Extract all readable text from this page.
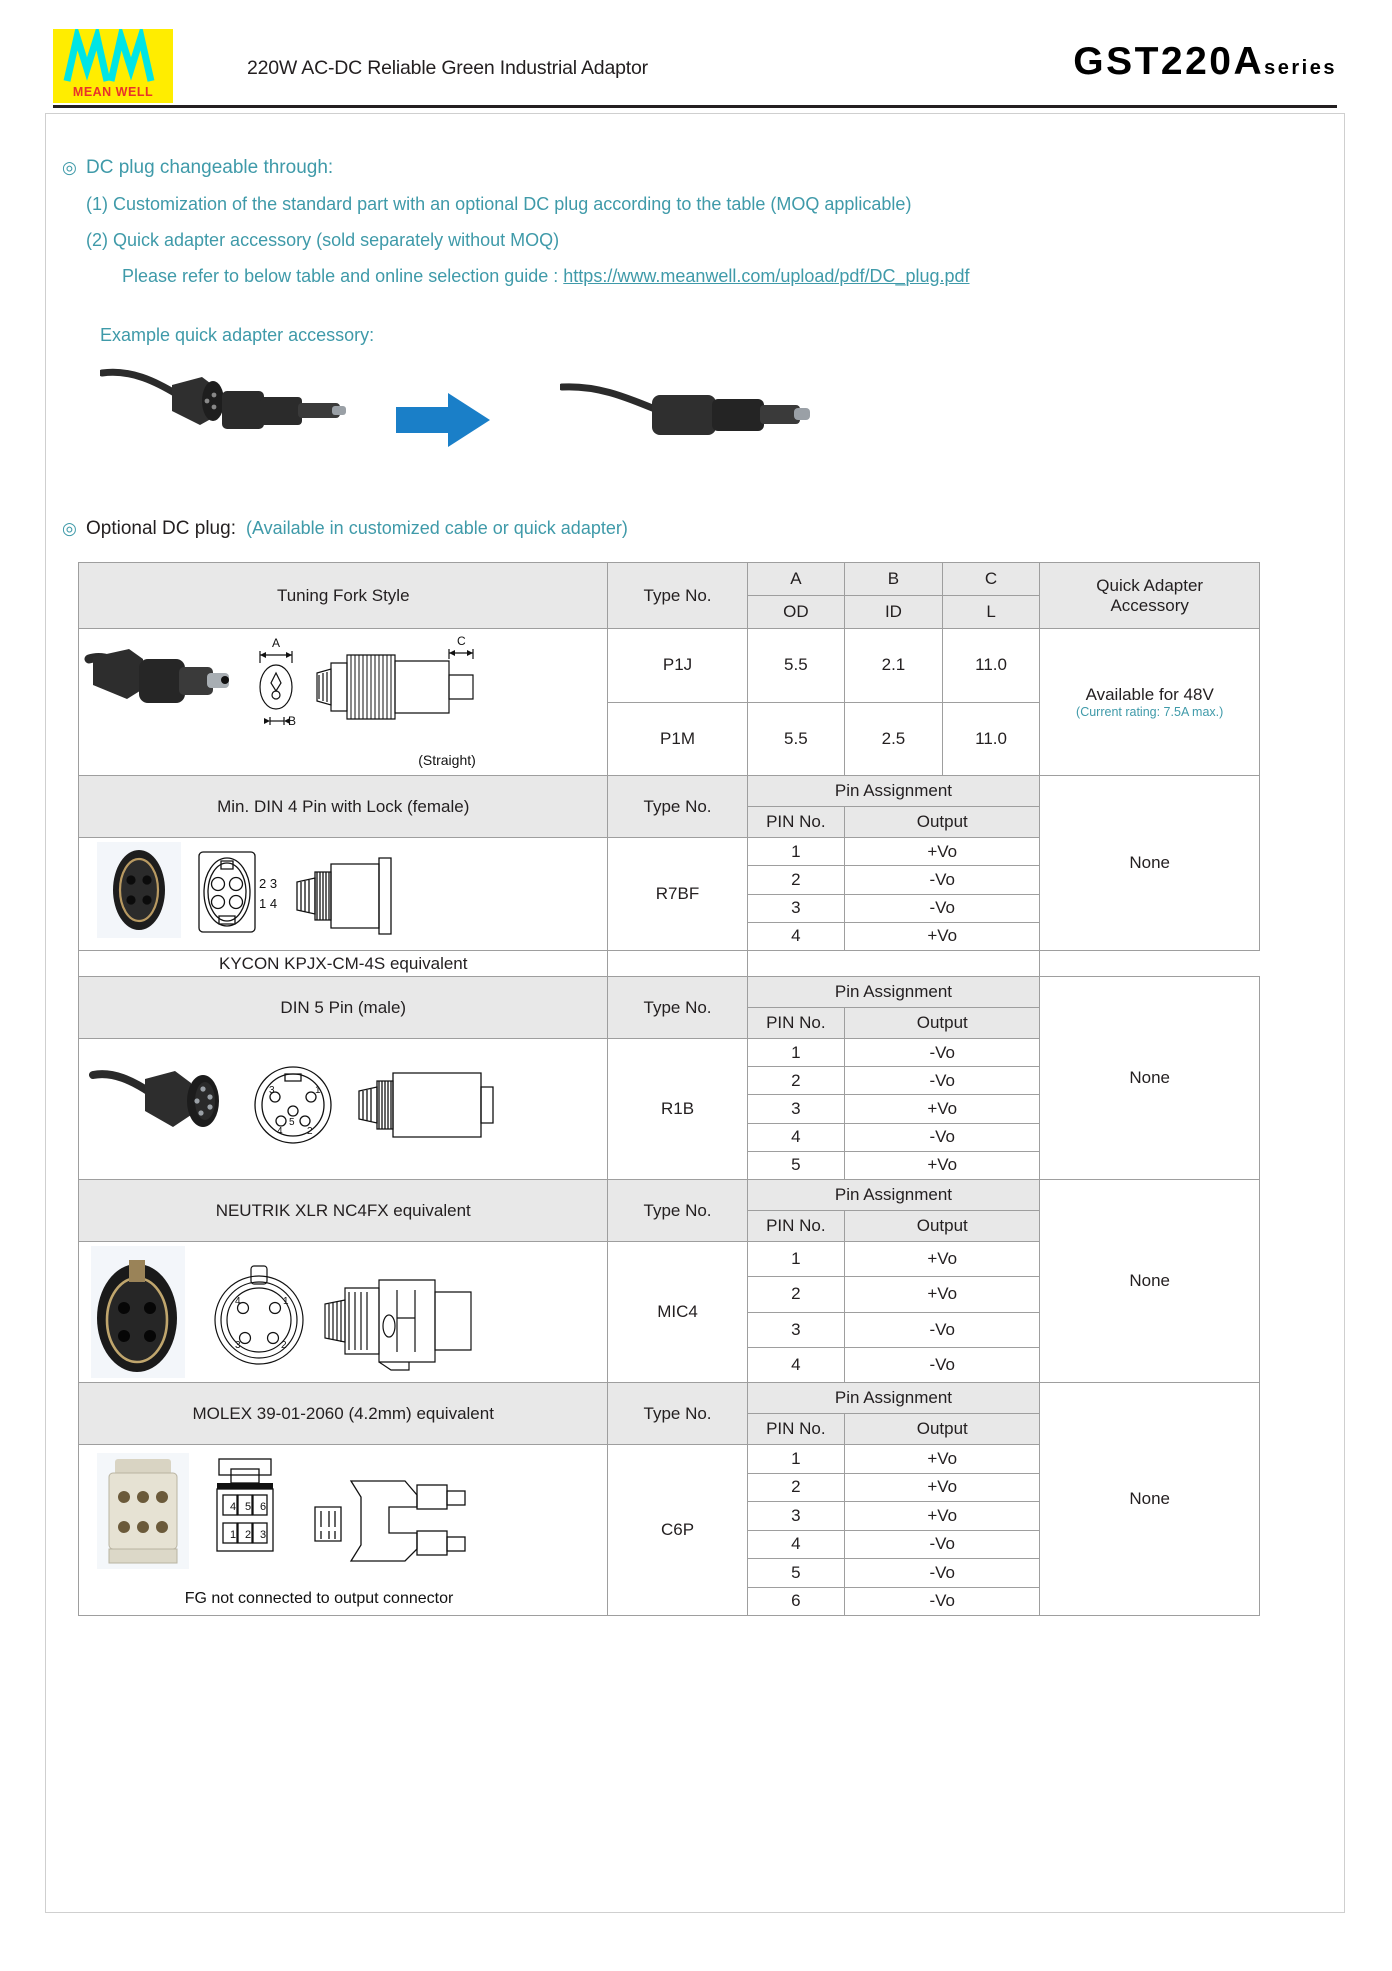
MEAN WELL
220W AC-DC Reliable Green Industrial Adaptor	GST220Aseries
◎ DC plug changeable through:
(1) Customization of the standard part with an optional DC plug according to the table (MOQ applicable)
(2) Quick adapter accessory (sold separately without MOQ)
Please refer to below table and online selection guide : https://www.meanwell.com/upload/pdf/DC_plug.pdf
Example quick adapter accessory:
◎ Optional DC plug: (Available in customized cable or quick adapter)
Tuning Fork Style	Type No.	A	B	C	Quick Adapter
Accessory

		OD	ID	L	

A
B
C
(Straight)
	P1J	5.5	2.1	11.0	
Available for 48V
(Current rating: 7.5A max.)

	P1M	5.5	2.5	11.0	
Min. DIN 4 Pin with Lock (female)	Type No.	Pin Assignment			None
		PIN No.	Output		

2 3
1 4	R7BF	1	+Vo		
		2	-Vo		
		3	-Vo		
		4	+Vo		
KYCON KPJX-CM-4S equivalent					
DIN 5 Pin (male)	Type No.	Pin Assignment			None
		PIN No.	Output		

3 1
4 2
5	R1B	1	-Vo		
		2	-Vo		
		3	+Vo		
		4	-Vo		
		5	+Vo		
NEUTRIK XLR NC4FX equivalent	Type No.	Pin Assignment			None
		PIN No.	Output		

4 1
3 2	MIC4	1	+Vo		
		2	+Vo		
		3	-Vo		
		4	-Vo		
MOLEX 39-01-2060 (4.2mm) equivalent	Type No.	Pin Assignment			None
		PIN No.	Output		

4 5 6
1 2 3
FG not connected to output connector
	C6P	1	+Vo
		2	+Vo		
		3	+Vo		
		4	-Vo		
		5	-Vo		
		6	-Vo		
